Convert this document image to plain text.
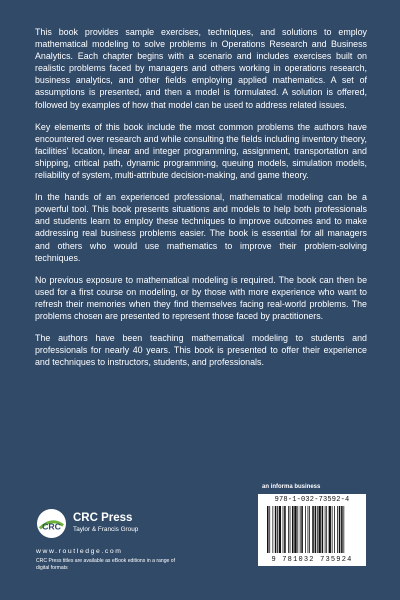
This book provides sample exercises, techniques, and solutions to employ mathematical modeling to solve problems in Operations Research and Business Analytics. Each chapter begins with a scenario and includes exercises built on realistic problems faced by managers and others working in operations research, business analytics, and other fields employing applied mathematics. A set of assumptions is presented, and then a model is formulated. A solution is offered, followed by examples of how that model can be used to address related issues.

Key elements of this book include the most common problems the authors have encountered over research and while consulting the fields including inventory theory, facilities' location, linear and integer programming, assignment, transportation and shipping, critical path, dynamic programming, queuing models, simulation models, reliability of system, multi-attribute decision-making, and game theory.

In the hands of an experienced professional, mathematical modeling can be a powerful tool. This book presents situations and models to help both professionals and students learn to employ these techniques to improve outcomes and to make addressing real business problems easier. The book is essential for all managers and others who would use mathematics to improve their problem-solving techniques.

No previous exposure to mathematical modeling is required. The book can then be used for a first course on modeling, or by those with more experience who want to refresh their memories when they find themselves facing real-world problems. The problems chosen are presented to represent those faced by practitioners.

The authors have been teaching mathematical modeling to students and professionals for nearly 40 years. This book is presented to offer their experience and techniques to instructors, students, and professionals.

an informa business
CRC
CRC Press
Taylor & Francis Group
www.routledge.com
CRC Press titles are available as eBook editions in a range of digital formats
978-1-032-73592-4
9 781032 735924
